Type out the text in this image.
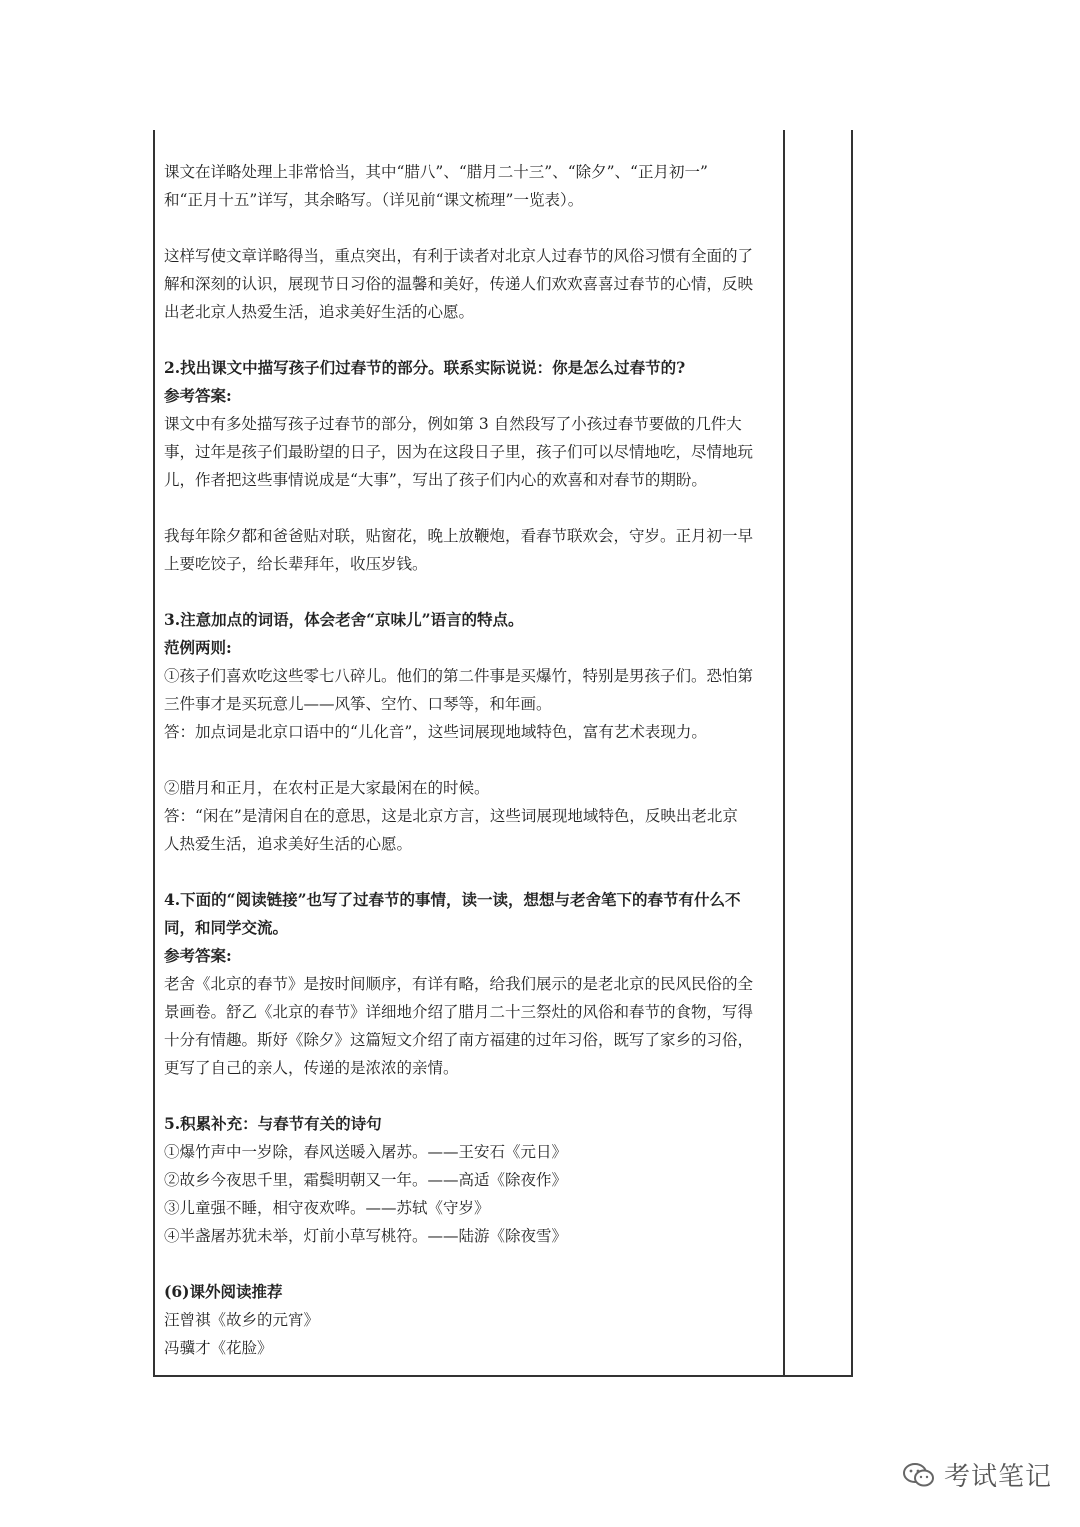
课文在详略处理上非常恰当，其中“腊八”、“腊月二十三”、“除夕”、“正月初一”
和“正月十五”详写，其余略写。（详见前“课文梳理”一览表）。
这样写使文章详略得当，重点突出，有利于读者对北京人过春节的风俗习惯有全面的了
解和深刻的认识，展现节日习俗的温馨和美好，传递人们欢欢喜喜过春节的心情，反映
出老北京人热爱生活，追求美好生活的心愿。
2.找出课文中描写孩子们过春节的部分。联系实际说说：你是怎么过春节的?
参考答案:
课文中有多处描写孩子过春节的部分，例如第 3 自然段写了小孩过春节要做的几件大
事，过年是孩子们最盼望的日子，因为在这段日子里，孩子们可以尽情地吃，尽情地玩
儿，作者把这些事情说成是“大事”，写出了孩子们内心的欢喜和对春节的期盼。
我每年除夕都和爸爸贴对联，贴窗花，晚上放鞭炮，看春节联欢会，守岁。正月初一早
上要吃饺子，给长辈拜年，收压岁钱。
3.注意加点的词语，体会老舍“京味儿”语言的特点。
范例两则:
①孩子们喜欢吃这些零七八碎儿。他们的第二件事是买爆竹，特别是男孩子们。恐怕第
三件事才是买玩意儿——风筝、空竹、口琴等，和年画。
答：加点词是北京口语中的“儿化音”，这些词展现地域特色，富有艺术表现力。
②腊月和正月，在农村正是大家最闲在的时候。
答：“闲在”是清闲自在的意思，这是北京方言，这些词展现地域特色，反映出老北京
人热爱生活，追求美好生活的心愿。
4.下面的“阅读链接”也写了过春节的事情，读一读，想想与老舍笔下的春节有什么不
同，和同学交流。
参考答案:
老舍《北京的春节》是按时间顺序，有详有略，给我们展示的是老北京的民风民俗的全
景画卷。舒乙《北京的春节》详细地介绍了腊月二十三祭灶的风俗和春节的食物，写得
十分有情趣。斯妤《除夕》这篇短文介绍了南方福建的过年习俗，既写了家乡的习俗，
更写了自己的亲人，传递的是浓浓的亲情。
5.积累补充：与春节有关的诗句
①爆竹声中一岁除，春风送暖入屠苏。——王安石《元日》
②故乡今夜思千里，霜鬓明朝又一年。——高适《除夜作》
③儿童强不睡，相守夜欢哗。——苏轼《守岁》
④半盏屠苏犹未举，灯前小草写桃符。——陆游《除夜雪》
(6)课外阅读推荐
汪曾祺《故乡的元宵》
冯骥才《花脸》
考试笔记
